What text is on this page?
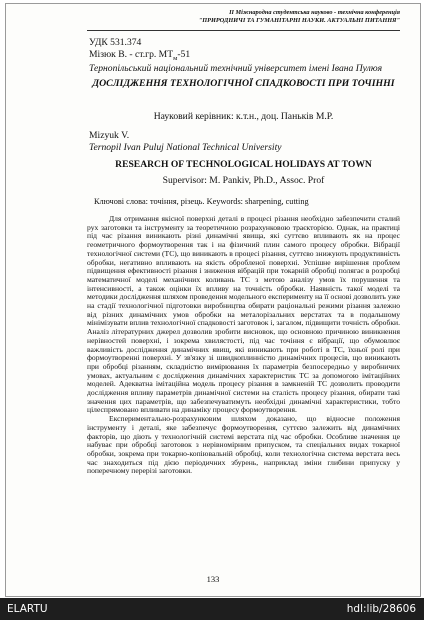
ІІ Міжнародна студентська науково - технічна конференція
"ПРИРОДНИЧІ ТА ГУМАНІТАРНІ НАУКИ. АКТУАЛЬНІ ПИТАННЯ"
УДК 531.374
Мізюк В. - ст.гр. $МТ_м-51$
Тернопільський національний технічний університет імені Івана Пулюя
ДОСЛІДЖЕННЯ ТЕХНОЛОГІЧНОЇ СПАДКОВОСТІ ПРИ ТОЧІННІ
Науковий керівник: к.т.н., доц. Паньків М.Р.
Mizyuk V.
Ternopil Ivan Puluj National Technical University
RESEARCH OF TECHNOLOGICAL HOLIDAYS AT TOWN
Supervisor: M. Pankiv, Ph.D., Assoc. Prof
Ключові слова: точіння, різець. Keywords: sharpening, cutting

Для отримання якісної поверхні деталі в процесі різання необхідно забезпечити сталий рух заготовки та інструменту за теоретичною розрахунковою траєкторією. Однак, на практиці під час різання виникають різні динамічні явища, які суттєво впливають як на процес геометричного формоутворення так і на фізичний плин самого процесу обробки. Вібрації технологічної системи (ТС), що виникають в процесі різання, суттєво знижують продуктивність обробки, негативно впливають на якість обробленої поверхні. Успішне вирішення проблем підвищення ефективності різання і зниження вібрацій при токарній обробці полягає в розробці математичної моделі механічних коливань ТС з метою аналізу умов їх порушення та інтенсивності, а також оцінки їх впливу на точність обробки. Наявність такої моделі та методики дослідження шляхом проведення модельного експерименту на її основі дозволить уже на стадії технологічної підготовки виробництва обирати раціональні режими різання залежно від різних динамічних умов обробки на металорізальних верстатах та в подальшому мінімізувати вплив технологічної спадковості заготовок і, загалом, підвищити точність обробки. Аналіз літературних джерел дозволив зробити висновок, що основною причиною виникнення нерівностей поверхні, і зокрема хвилястості, під час точіння є вібрації, що обумовлює важливість дослідження динамічних явищ, які виникають при роботі в ТС, їхньої ролі при формоутворенні поверхні. У зв'язку зі швидкоплинністю динамічних процесів, що виникають при обробці різанням, складністю вимірювання їх параметрів безпосередньо у виробничих умовах, актуальним є дослідження динамічних характеристик ТС за допомогою імітаційних моделей. Адекватна імітаційна модель процесу різання в замкненій ТС дозволить проводити дослідження впливу параметрів динамічної системи на сталість процесу різання, обирати такі значення цих параметрів, що забезпечуватимуть необхідні динамічні характеристики, тобто цілеспрямовано впливати на динаміку процесу формоутворення.

Експериментально-розрахунковим шляхом доказано, що відносне положення інструменту і деталі, яке забезпечує формоутворення, суттєво залежить від динамічних факторів, що діють у технологічній системі верстата під час обробки. Особливе значення це набуває при обробці заготовок з нерівномірним припуском, та спеціальних видах токарної обробки, зокрема при токарно-копіювальній обробці, коли технологічна система верстата весь час знаходиться під дією періодичних збурень, наприклад зміни глибини припуску у поперечному перерізі заготовки.

133
ELARTU	hdl:lib/28606
